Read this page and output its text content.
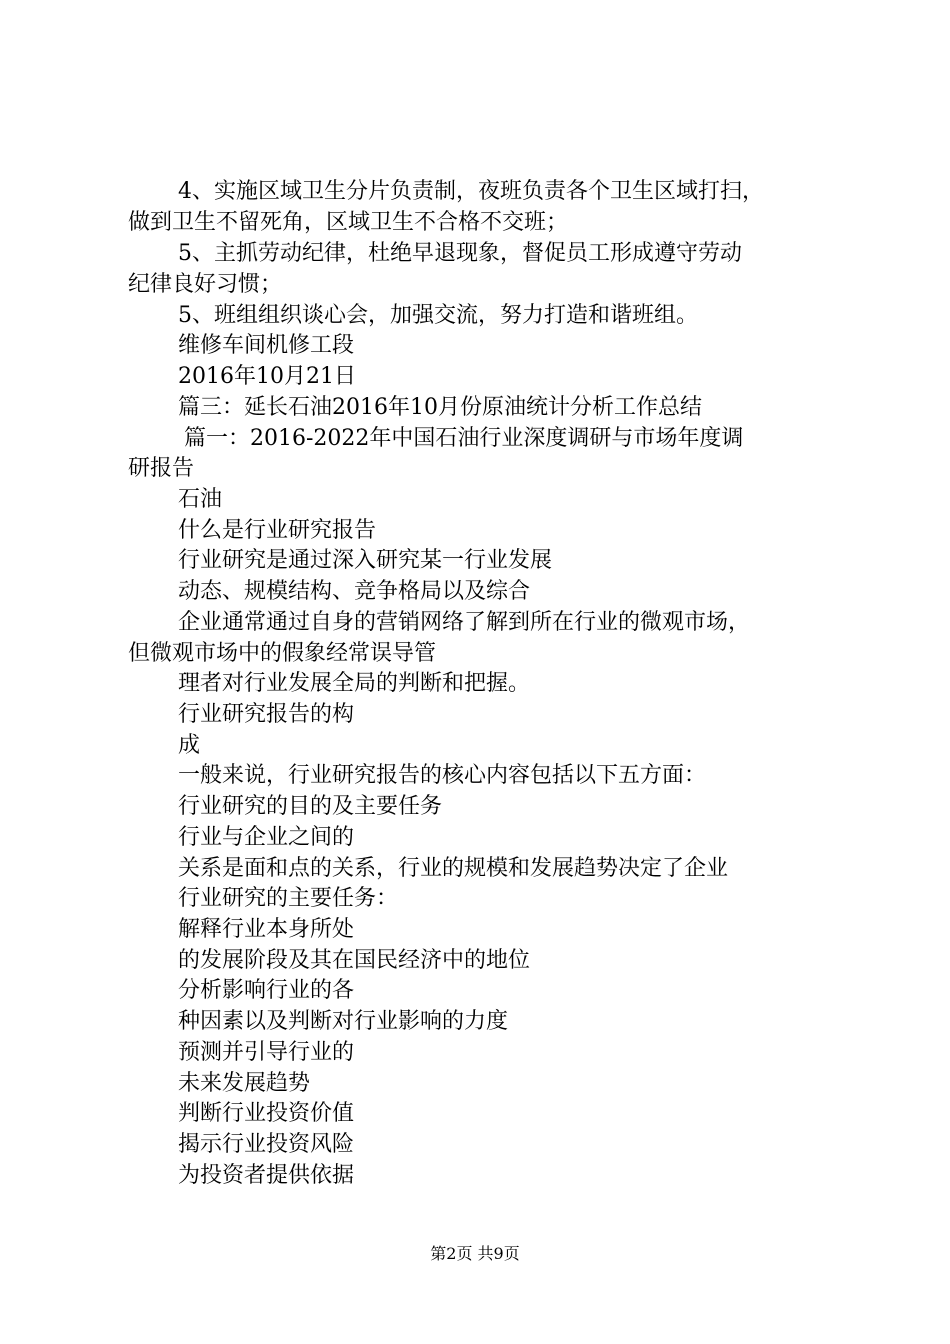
4、实施区域卫生分片负责制，夜班负责各个卫生区域打扫，
做到卫生不留死角，区域卫生不合格不交班；
5、主抓劳动纪律，杜绝早退现象，督促员工形成遵守劳动
纪律良好习惯；
5、班组组织谈心会，加强交流，努力打造和谐班组。
维修车间机修工段
2016年10月21日
篇三：延长石油2016年10月份原油统计分析工作总结
篇一：2016-2022年中国石油行业深度调研与市场年度调
研报告
石油
什么是行业研究报告
行业研究是通过深入研究某一行业发展
动态、规模结构、竞争格局以及综合
企业通常通过自身的营销网络了解到所在行业的微观市场，
但微观市场中的假象经常误导管
理者对行业发展全局的判断和把握。
行业研究报告的构
成
一般来说，行业研究报告的核心内容包括以下五方面：
行业研究的目的及主要任务
行业与企业之间的
关系是面和点的关系，行业的规模和发展趋势决定了企业
行业研究的主要任务：
解释行业本身所处
的发展阶段及其在国民经济中的地位
分析影响行业的各
种因素以及判断对行业影响的力度
预测并引导行业的
未来发展趋势
判断行业投资价值
揭示行业投资风险
为投资者提供依据
第2页 共9页
